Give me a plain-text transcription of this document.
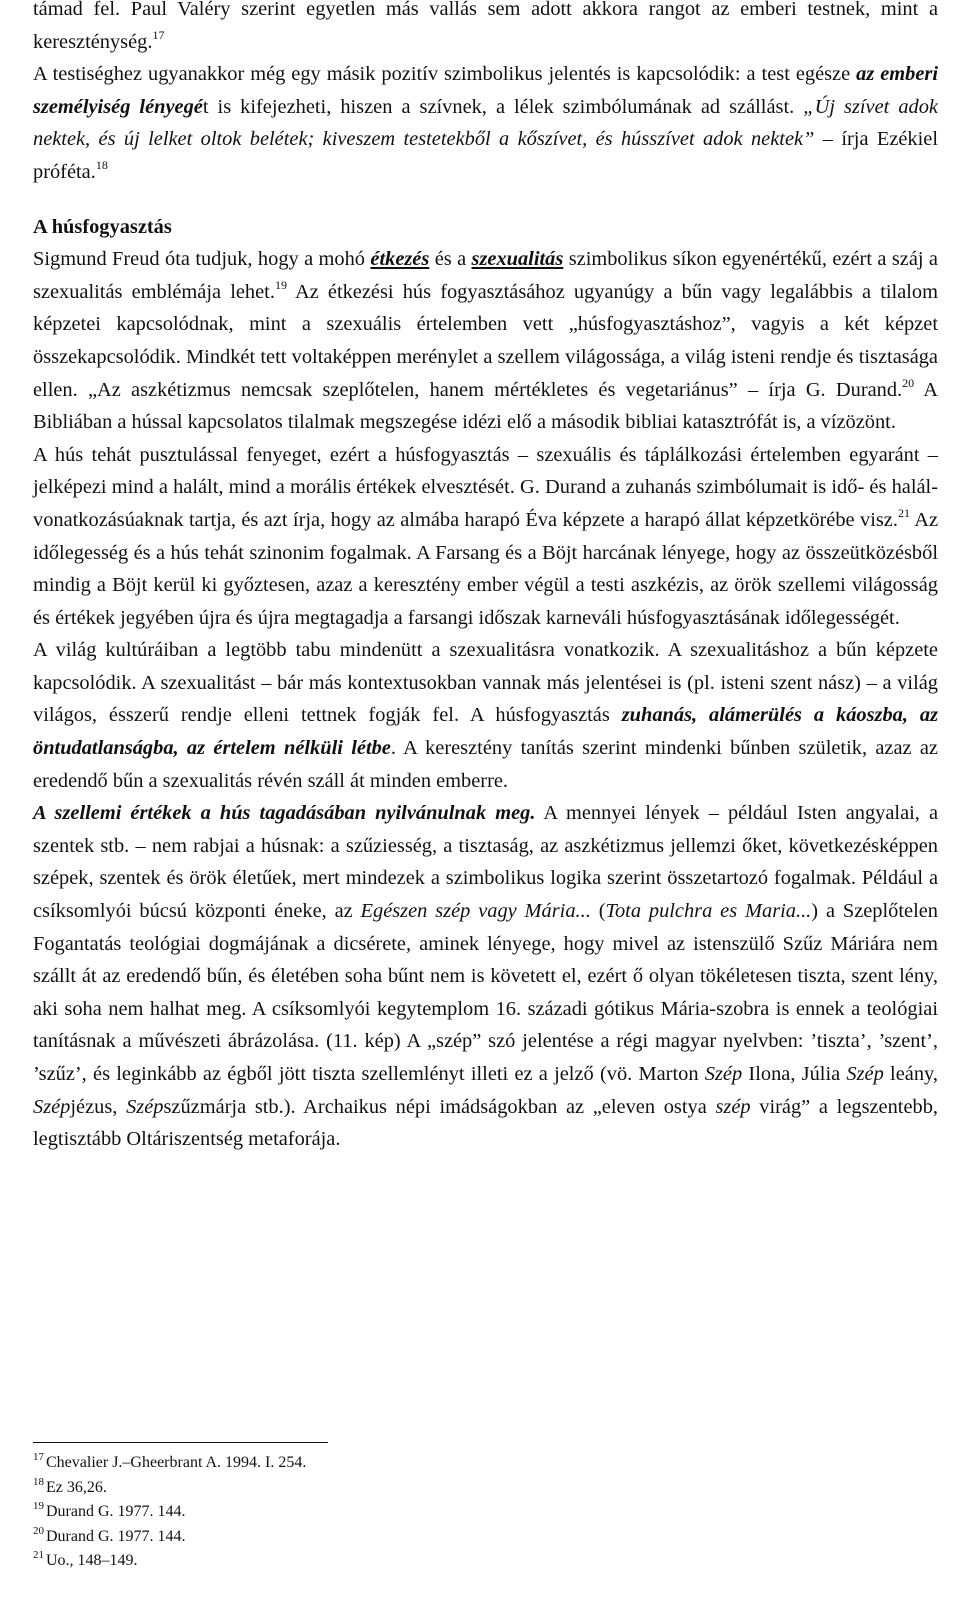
támad fel. Paul Valéry szerint egyetlen más vallás sem adott akkora rangot az emberi testnek, mint a kereszténység.$^{17}$

A testiséghez ugyanakkor még egy másik pozitív szimbolikus jelentés is kapcsolódik: a test egésze az emberi személyiség lényegét is kifejezheti, hiszen a szívnek, a lélek szimbólumának ad szállást. „Új szívet adok nektek, és új lelket oltok belétek; kiveszem testetekből a kőszívet, és hússzívet adok nektek” – írja Ezékiel próféta.$^{18}$

A húsfogyasztás

Sigmund Freud óta tudjuk, hogy a mohó étkezés és a szexualitás szimbolikus síkon egyenértékű, ezért a száj a szexualitás emblémája lehet.$^{19}$ Az étkezési hús fogyasztásához ugyanúgy a bűn vagy legalábbis a tilalom képzetei kapcsolódnak, mint a szexuális értelemben vett „húsfogyasztáshoz”, vagyis a két képzet összekapcsolódik. Mindkét tett voltaképpen merénylet a szellem világossága, a világ isteni rendje és tisztasága ellen. „Az aszkétizmus nemcsak szeplőtelen, hanem mértékletes és vegetariánus” – írja G. Durand.$^{20}$ A Bibliában a hússal kapcsolatos tilalmak megszegése idézi elő a második bibliai katasztrófát is, a vízözönt.

A hús tehát pusztulással fenyeget, ezért a húsfogyasztás – szexuális és táplálkozási értelemben egyaránt – jelképezi mind a halált, mind a morális értékek elvesztését. G. Durand a zuhanás szimbólumait is idő- és halál-vonatkozásúaknak tartja, és azt írja, hogy az almába harapó Éva képzete a harapó állat képzetkörébe visz.$^{21}$ Az időlegesség és a hús tehát szinonim fogalmak. A Farsang és a Böjt harcának lényege, hogy az összeütközésből mindig a Böjt kerül ki győztesen, azaz a keresztény ember végül a testi aszkézis, az örök szellemi világosság és értékek jegyében újra és újra megtagadja a farsangi időszak karneváli húsfogyasztásának időlegességét.

A világ kultúráiban a legtöbb tabu mindenütt a szexualitásra vonatkozik. A szexualitáshoz a bűn képzete kapcsolódik. A szexualitást – bár más kontextusokban vannak más jelentései is (pl. isteni szent nász) – a világ világos, ésszerű rendje elleni tettnek fogják fel. A húsfogyasztás zuhanás, alámerülés a káoszba, az öntudatlanságba, az értelem nélküli létbe. A keresztény tanítás szerint mindenki bűnben születik, azaz az eredendő bűn a szexualitás révén száll át minden emberre.

A szellemi értékek a hús tagadásában nyilvánulnak meg. A mennyei lények – például Isten angyalai, a szentek stb. – nem rabjai a húsnak: a szűziesség, a tisztaság, az aszkétizmus jellemzi őket, következésképpen szépek, szentek és örök életűek, mert mindezek a szimbolikus logika szerint összetartozó fogalmak. Például a csíksomlyói búcsú központi éneke, az Egészen szép vagy Mária... (Tota pulchra es Maria...) a Szeplőtelen Fogantatás teológiai dogmájának a dicsérete, aminek lényege, hogy mivel az istenszülő Szűz Máriára nem szállt át az eredendő bűn, és életében soha bűnt nem is követett el, ezért ő olyan tökéletesen tiszta, szent lény, aki soha nem halhat meg. A csíksomlyói kegytemplom 16. századi gótikus Mária-szobra is ennek a teológiai tanításnak a művészeti ábrázolása. (11. kép) A „szép” szó jelentése a régi magyar nyelvben: ’tiszta’, ’szent’, ’szűz’, és leginkább az égből jött tiszta szellemlényt illeti ez a jelző (vö. Marton Szép Ilona, Júlia Szép leány, Szépjézus, Szépszűzmárja stb.). Archaikus népi imádságokban az „eleven ostya szép virág” a legszentebb, legtisztább Oltáriszentség metaforája.

$^{17}$ Chevalier J.–Gheerbrant A. 1994. I. 254.
$^{18}$ Ez 36,26.
$^{19}$ Durand G. 1977. 144.
$^{20}$ Durand G. 1977. 144.
$^{21}$ Uo., 148–149.
